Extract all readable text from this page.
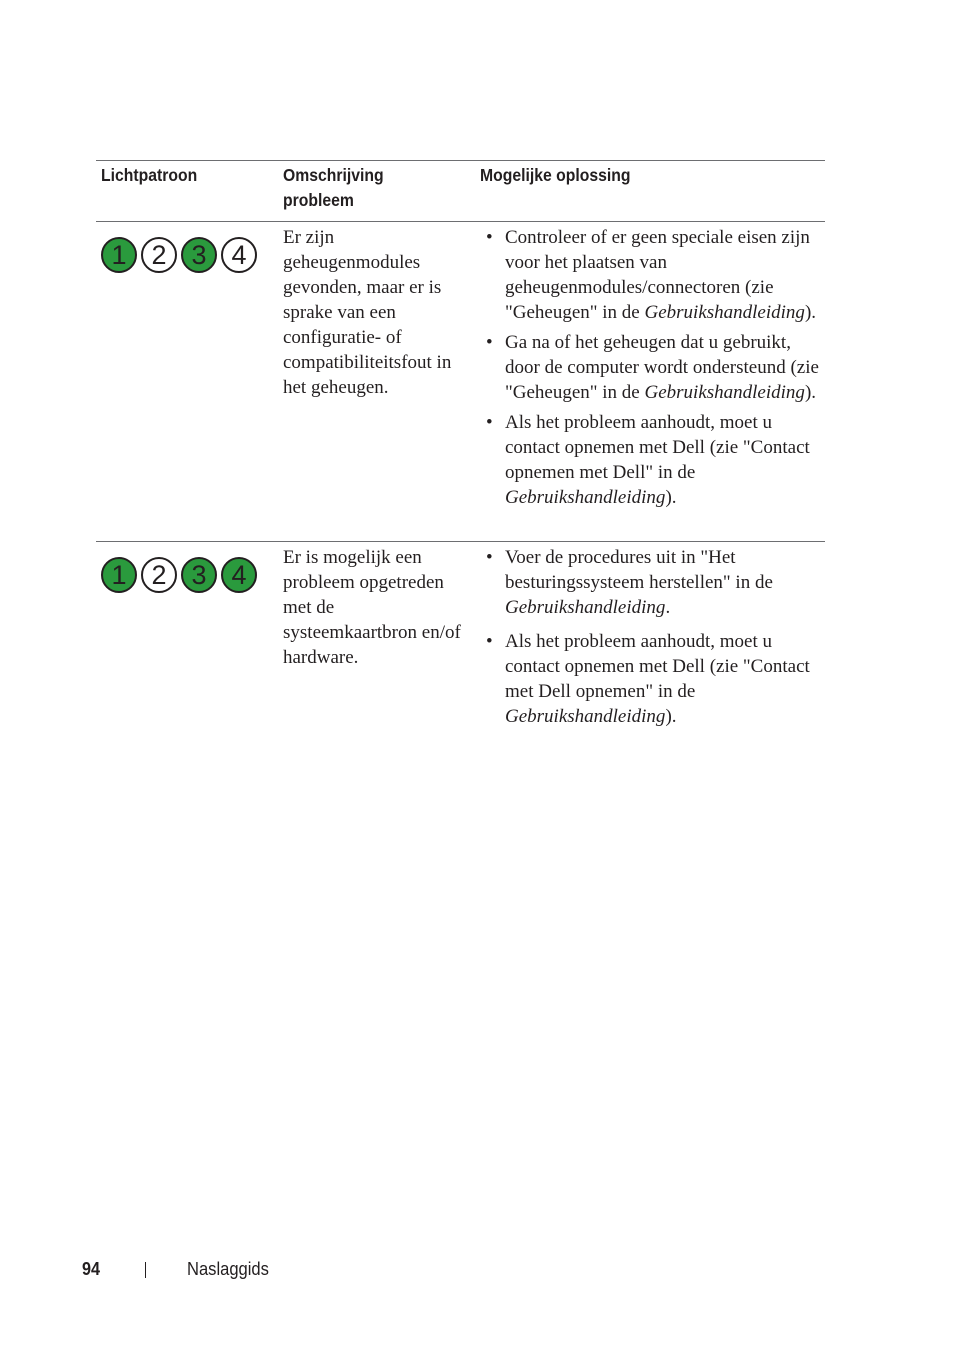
Lichtpatroon	Omschrijving probleem
Mogelijke oplossing
1 2 3 4
Er zijn geheugenmodules gevonden, maar er is sprake van een configuratie- of compatibiliteitsfout in het geheugen.
• Controleer of er geen speciale eisen zijn voor het plaatsen van geheugenmodules/connectoren (zie "Geheugen" in de Gebruikshandleiding).
• Ga na of het geheugen dat u gebruikt, door de computer wordt ondersteund (zie "Geheugen" in de Gebruikshandleiding).
• Als het probleem aanhoudt, moet u contact opnemen met Dell (zie "Contact opnemen met Dell" in de Gebruikshandleiding).
1 2 3 4
Er is mogelijk een probleem opgetreden met de systeemkaartbron en/of hardware.
• Voer de procedures uit in "Het besturingssysteem herstellen" in de Gebruikshandleiding.
• Als het probleem aanhoudt, moet u contact opnemen met Dell (zie "Contact met Dell opnemen" in de Gebruikshandleiding).
94	Naslaggids
